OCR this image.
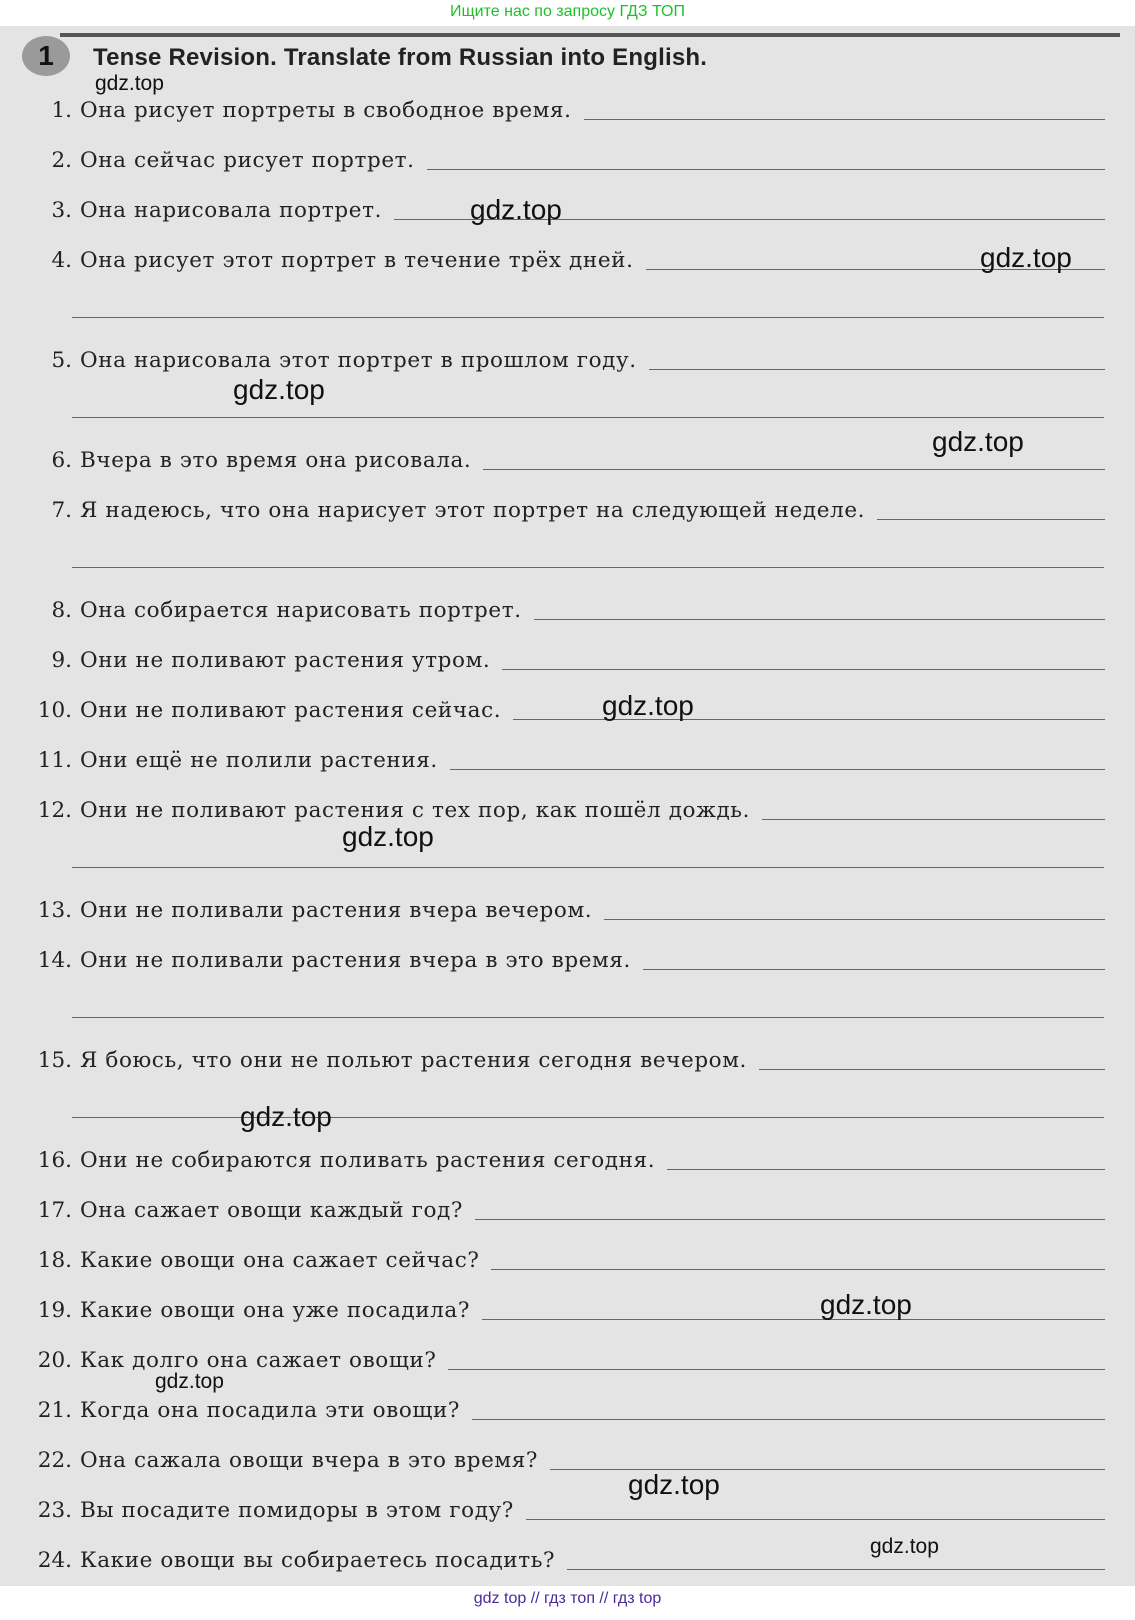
Ищите нас по запросу ГДЗ ТОП
1	Tense Revision. Translate from Russian into English.
1. Она рисует портреты в свободное время.
2. Она сейчас рисует портрет.
3. Она нарисовала портрет.
4. Она рисует этот портрет в течение трёх дней.
5. Она нарисовала этот портрет в прошлом году.
6. Вчера в это время она рисовала.
7. Я надеюсь, что она нарисует этот портрет на следующей неделе.
8. Она собирается нарисовать портрет.
9. Они не поливают растения утром.
10. Они не поливают растения сейчас.
11. Они ещё не полили растения.
12. Они не поливают растения с тех пор, как пошёл дождь.
13. Они не поливали растения вчера вечером.
14. Они не поливали растения вчера в это время.
15. Я боюсь, что они не польют растения сегодня вечером.
16. Они не собираются поливать растения сегодня.
17. Она сажает овощи каждый год?
18. Какие овощи она сажает сейчас?
19. Какие овощи она уже посадила?
20. Как долго она сажает овощи?
21. Когда она посадила эти овощи?
22. Она сажала овощи вчера в это время?
23. Вы посадите помидоры в этом году?
24. Какие овощи вы собираетесь посадить?
gdz.top
gdz.top
gdz.top
gdz.top
gdz.top
gdz.top
gdz.top
gdz.top
gdz.top
gdz.top
gdz.top
gdz.top
gdz top // гдз топ // гдз top
